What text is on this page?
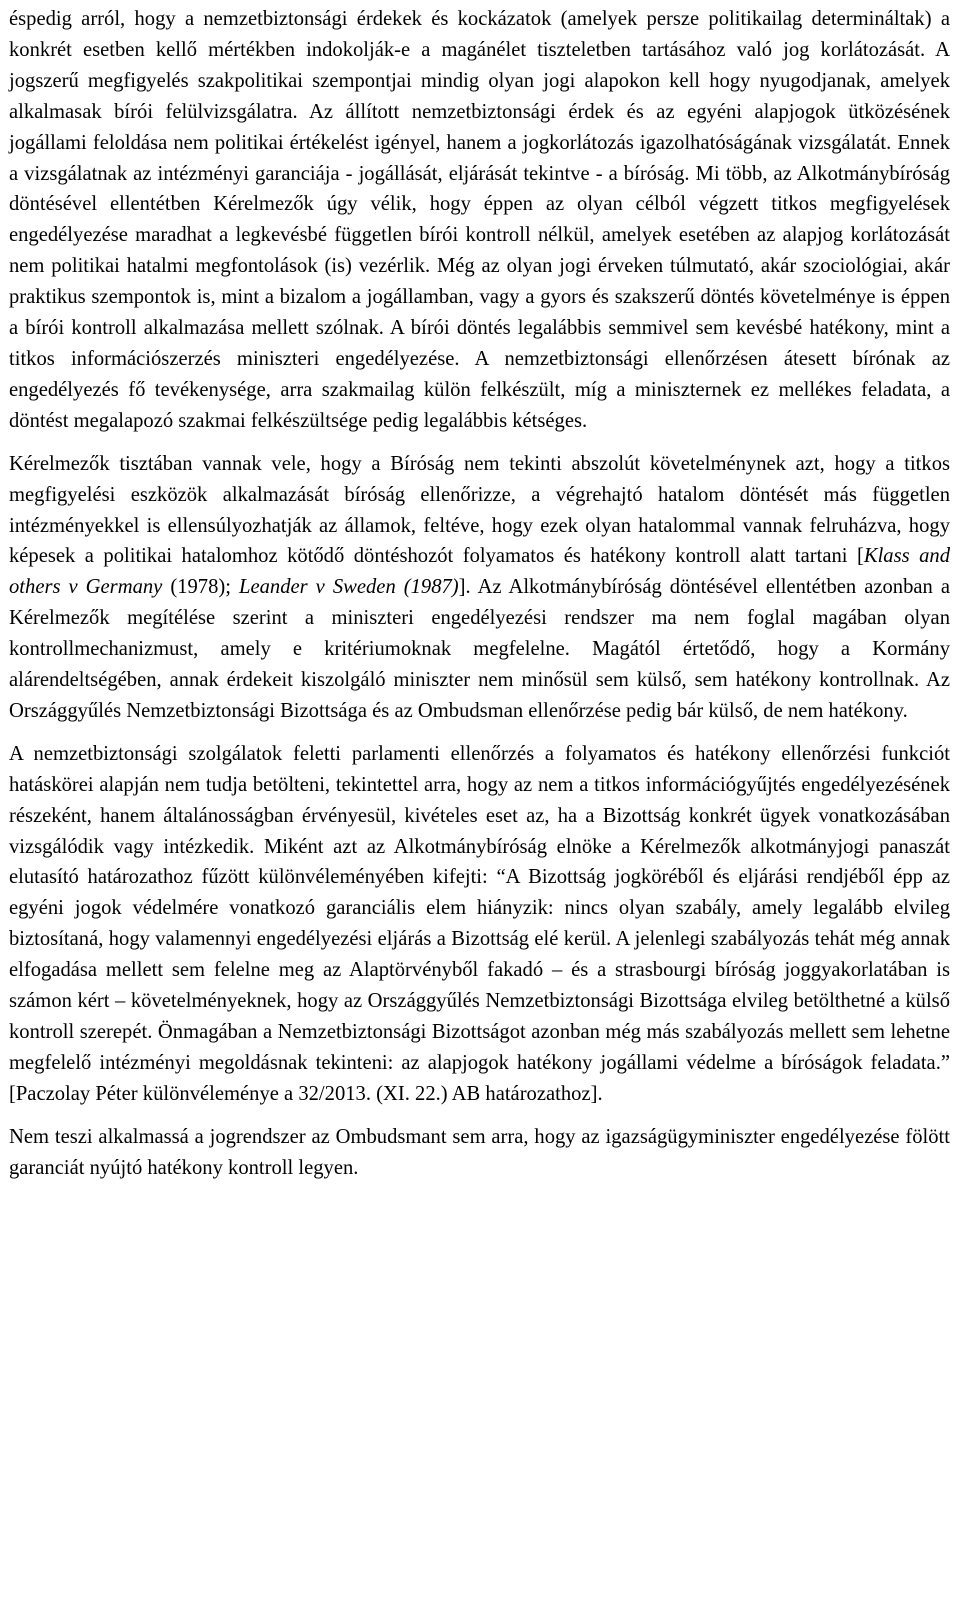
éspedig arról, hogy a nemzetbiztonsági érdekek és kockázatok (amelyek persze politikailag determináltak) a konkrét esetben kellő mértékben indokolják-e a magánélet tiszteletben tartásához való jog korlátozását. A jogszerű megfigyelés szakpolitikai szempontjai mindig olyan jogi alapokon kell hogy nyugodjanak, amelyek alkalmasak bírói felülvizsgálatra. Az állított nemzetbiztonsági érdek és az egyéni alapjogok ütközésének jogállami feloldása nem politikai értékelést igényel, hanem a jogkorlátozás igazolhatóságának vizsgálatát. Ennek a vizsgálatnak az intézményi garanciája - jogállását, eljárását tekintve - a bíróság. Mi több, az Alkotmánybíróság döntésével ellentétben Kérelmezők úgy vélik, hogy éppen az olyan célból végzett titkos megfigyelések engedélyezése maradhat a legkevésbé független bírói kontroll nélkül, amelyek esetében az alapjog korlátozását nem politikai hatalmi megfontolások (is) vezérlik. Még az olyan jogi érveken túlmutató, akár szociológiai, akár praktikus szempontok is, mint a bizalom a jogállamban, vagy a gyors és szakszerű döntés követelménye is éppen a bírói kontroll alkalmazása mellett szólnak. A bírói döntés legalábbis semmivel sem kevésbé hatékony, mint a titkos információszerzés miniszteri engedélyezése. A nemzetbiztonsági ellenőrzésen átesett bírónak az engedélyezés fő tevékenysége, arra szakmailag külön felkészült, míg a miniszternek ez mellékes feladata, a döntést megalapozó szakmai felkészültsége pedig legalábbis kétséges.

Kérelmezők tisztában vannak vele, hogy a Bíróság nem tekinti abszolút követelménynek azt, hogy a titkos megfigyelési eszközök alkalmazását bíróság ellenőrizze, a végrehajtó hatalom döntését más független intézményekkel is ellensúlyozhatják az államok, feltéve, hogy ezek olyan hatalommal vannak felruházva, hogy képesek a politikai hatalomhoz kötődő döntéshozót folyamatos és hatékony kontroll alatt tartani [Klass and others v Germany (1978); Leander v Sweden (1987)]. Az Alkotmánybíróság döntésével ellentétben azonban a Kérelmezők megítélése szerint a miniszteri engedélyezési rendszer ma nem foglal magában olyan kontrollmechanizmust, amely e kritériumoknak megfelelne. Magától értetődő, hogy a Kormány alárendeltségében, annak érdekeit kiszolgáló miniszter nem minősül sem külső, sem hatékony kontrollnak. Az Országgyűlés Nemzetbiztonsági Bizottsága és az Ombudsman ellenőrzése pedig bár külső, de nem hatékony.

A nemzetbiztonsági szolgálatok feletti parlamenti ellenőrzés a folyamatos és hatékony ellenőrzési funkciót hatáskörei alapján nem tudja betölteni, tekintettel arra, hogy az nem a titkos információgyűjtés engedélyezésének részeként, hanem általánosságban érvényesül, kivételes eset az, ha a Bizottság konkrét ügyek vonatkozásában vizsgálódik vagy intézkedik. Miként azt az Alkotmánybíróság elnöke a Kérelmezők alkotmányjogi panaszát elutasító határozathoz fűzött különvéleményében kifejti: “A Bizottság jogköréből és eljárási rendjéből épp az egyéni jogok védelmére vonatkozó garanciális elem hiányzik: nincs olyan szabály, amely legalább elvileg biztosítaná, hogy valamennyi engedélyezési eljárás a Bizottság elé kerül. A jelenlegi szabályozás tehát még annak elfogadása mellett sem felelne meg az Alaptörvényből fakadó – és a strasbourgi bíróság joggyakorlatában is számon kért – követelményeknek, hogy az Országgyűlés Nemzetbiztonsági Bizottsága elvileg betölthetné a külső kontroll szerepét. Önmagában a Nemzetbiztonsági Bizottságot azonban még más szabályozás mellett sem lehetne megfelelő intézményi megoldásnak tekinteni: az alapjogok hatékony jogállami védelme a bíróságok feladata.” [Paczolay Péter különvéleménye a 32/2013. (XI. 22.) AB határozathoz].

Nem teszi alkalmassá a jogrendszer az Ombudsmant sem arra, hogy az igazságügyminiszter engedélyezése fölött garanciát nyújtó hatékony kontroll legyen.
